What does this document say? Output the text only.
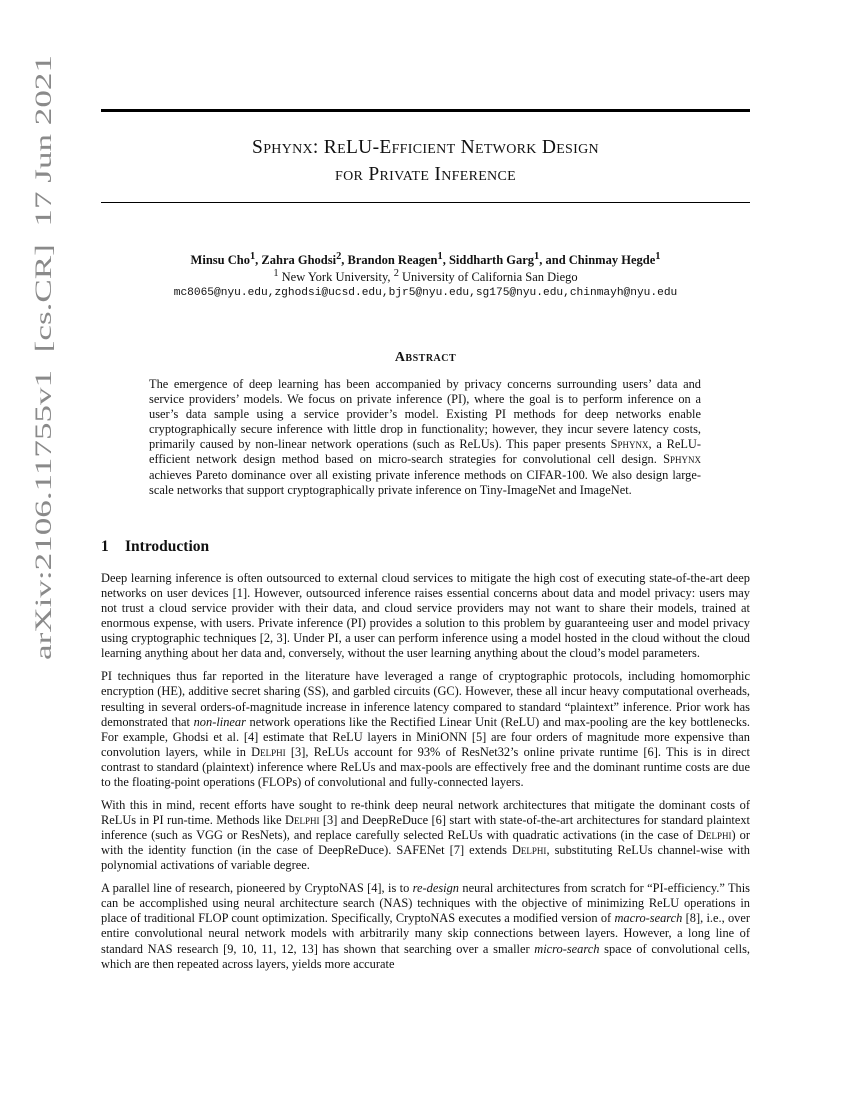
arXiv:2106.11755v1  [cs.CR]  17 Jun 2021
Sphynx: ReLU-Efficient Network Design
for Private Inference
Minsu Cho$^1$, Zahra Ghodsi$^2$, Brandon Reagen$^1$, Siddharth Garg$^1$, and Chinmay Hegde$^1$
$^1$ New York University, $^2$ University of California San Diego
mc8065@nyu.edu,zghodsi@ucsd.edu,bjr5@nyu.edu,sg175@nyu.edu,chinmayh@nyu.edu
Abstract

The emergence of deep learning has been accompanied by privacy concerns surrounding users’ data and service providers’ models. We focus on private inference (PI), where the goal is to perform inference on a user’s data sample using a service provider’s model. Existing PI methods for deep networks enable cryptographically secure inference with little drop in functionality; however, they incur severe latency costs, primarily caused by non-linear network operations (such as ReLUs). This paper presents Sphynx, a ReLU-efficient network design method based on micro-search strategies for convolutional cell design. Sphynx achieves Pareto dominance over all existing private inference methods on CIFAR-100. We also design large-scale networks that support cryptographically private inference on Tiny-ImageNet and ImageNet.

1 Introduction

Deep learning inference is often outsourced to external cloud services to mitigate the high cost of executing state-of-the-art deep networks on user devices [1]. However, outsourced inference raises essential concerns about data and model privacy: users may not trust a cloud service provider with their data, and cloud service providers may not want to share their models, trained at enormous expense, with users. Private inference (PI) provides a solution to this problem by guaranteeing user and model privacy using cryptographic techniques [2, 3]. Under PI, a user can perform inference using a model hosted in the cloud without the cloud learning anything about her data and, conversely, without the user learning anything about the cloud’s model parameters.

PI techniques thus far reported in the literature have leveraged a range of cryptographic protocols, including homomorphic encryption (HE), additive secret sharing (SS), and garbled circuits (GC). However, these all incur heavy computational overheads, resulting in several orders-of-magnitude increase in inference latency compared to standard “plaintext” inference. Prior work has demonstrated that non-linear network operations like the Rectified Linear Unit (ReLU) and max-pooling are the key bottlenecks. For example, Ghodsi et al. [4] estimate that ReLU layers in MiniONN [5] are four orders of magnitude more expensive than convolution layers, while in Delphi [3], ReLUs account for 93% of ResNet32’s online private runtime [6]. This is in direct contrast to standard (plaintext) inference where ReLUs and max-pools are effectively free and the dominant runtime costs are due to the floating-point operations (FLOPs) of convolutional and fully-connected layers.

With this in mind, recent efforts have sought to re-think deep neural network architectures that mitigate the dominant costs of ReLUs in PI run-time. Methods like Delphi [3] and DeepReDuce [6] start with state-of-the-art architectures for standard plaintext inference (such as VGG or ResNets), and replace carefully selected ReLUs with quadratic activations (in the case of Delphi) or with the identity function (in the case of DeepReDuce). SAFENet [7] extends Delphi, substituting ReLUs channel-wise with polynomial activations of variable degree.

A parallel line of research, pioneered by CryptoNAS [4], is to re-design neural architectures from scratch for “PI-efficiency.” This can be accomplished using neural architecture search (NAS) techniques with the objective of minimizing ReLU operations in place of traditional FLOP count optimization. Specifically, CryptoNAS executes a modified version of macro-search [8], i.e., over entire convolutional neural network models with arbitrarily many skip connections between layers. However, a long line of standard NAS research [9, 10, 11, 12, 13] has shown that searching over a smaller micro-search space of convolutional cells, which are then repeated across layers, yields more accurate
